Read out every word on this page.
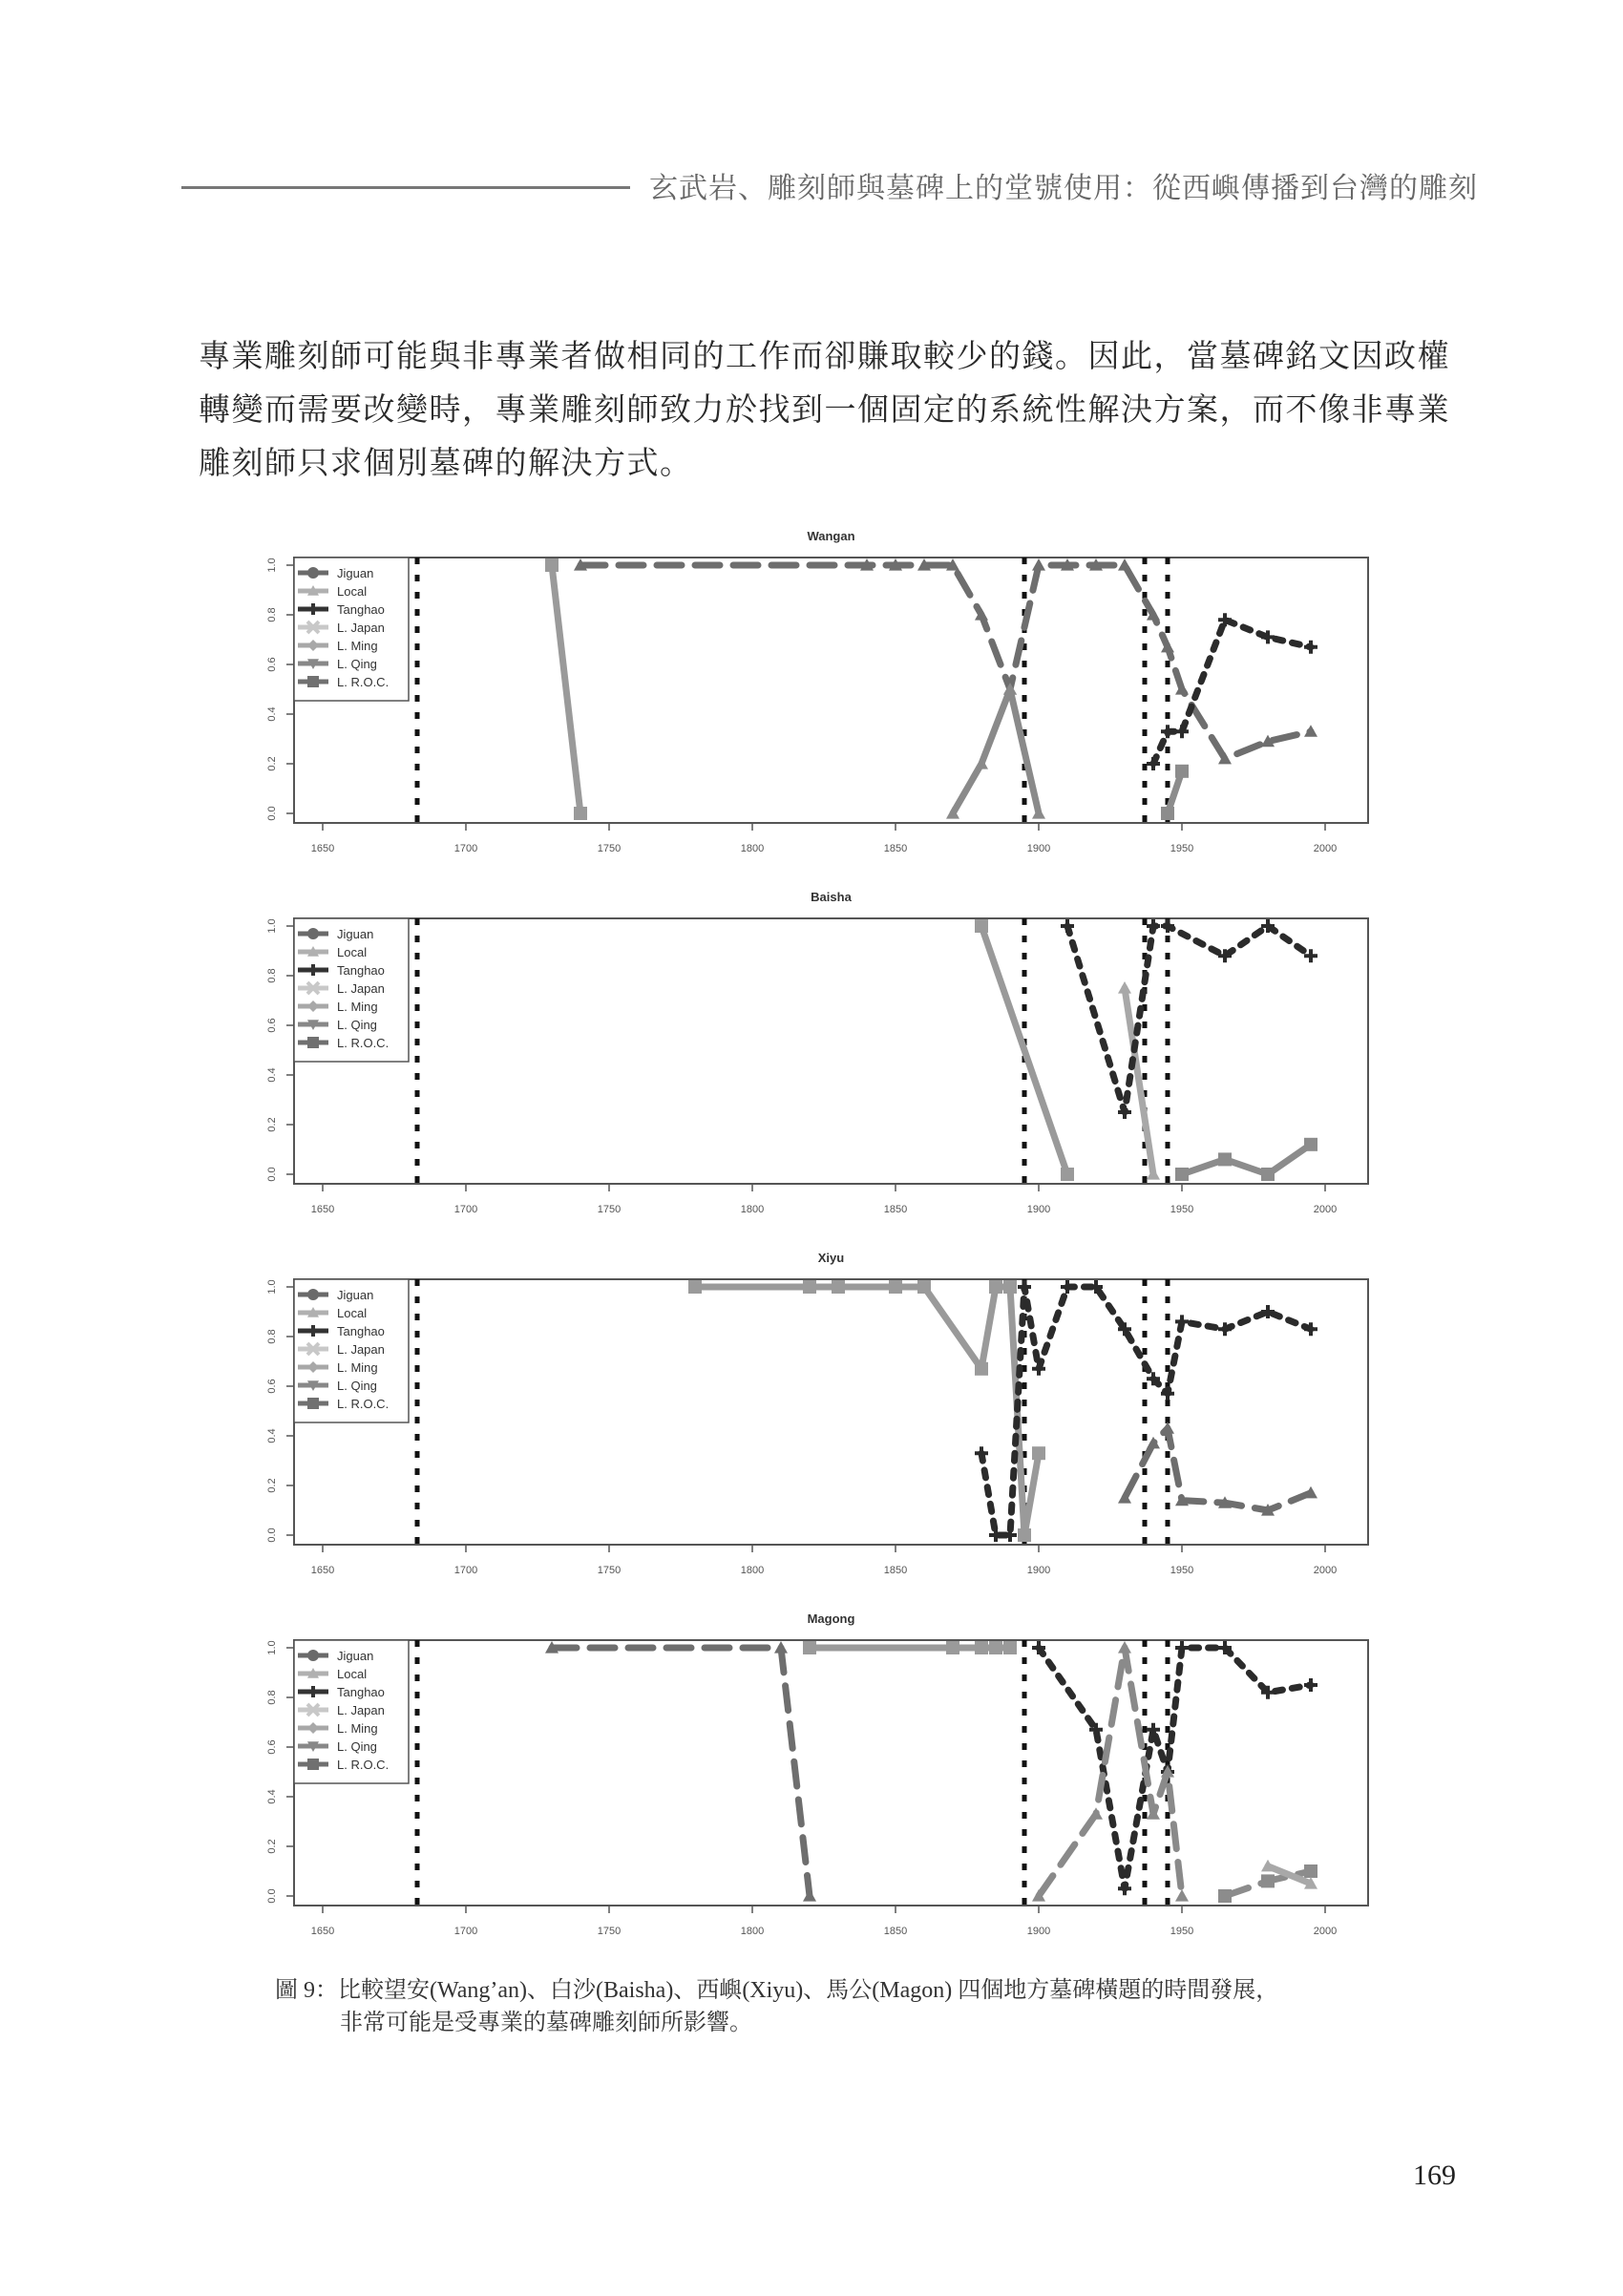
玄武岩、雕刻師與墓碑上的堂號使用：從西嶼傳播到台灣的雕刻

專業雕刻師可能與非專業者做相同的工作而卻賺取較少的錢。因此，當墓碑銘文因政權

轉變而需要改變時，專業雕刻師致力於找到一個固定的系統性解決方案，而不像非專業

雕刻師只求個別墓碑的解決方式。

Wangan
0.0
0.2
0.4
0.6
0.8
1.0
1650	1700	1750	1800	1850	1900	1950	2000
Jiguan
Local
Tanghao
L. Japan
L. Ming
L. Qing
L. R.O.C.
Baisha
0.0
0.2
0.4
0.6
0.8
1.0
1650	1700	1750	1800	1850	1900	1950	2000
Jiguan
Local
Tanghao
L. Japan
L. Ming
L. Qing
L. R.O.C.
Xiyu
0.0
0.2
0.4
0.6
0.8
1.0
1650	1700	1750	1800	1850	1900	1950	2000
Jiguan
Local
Tanghao
L. Japan
L. Ming
L. Qing
L. R.O.C.
Magong
0.0
0.2
0.4
0.6
0.8
1.0
1650	1700	1750	1800	1850	1900	1950	2000
Jiguan
Local
Tanghao
L. Japan
L. Ming
L. Qing
L. R.O.C.
圖 9：比較望安(Wang’an)、白沙(Baisha)、西嶼(Xiyu)、馬公(Magon) 四個地方墓碑橫題的時間發展，
非常可能是受專業的墓碑雕刻師所影響。
169
